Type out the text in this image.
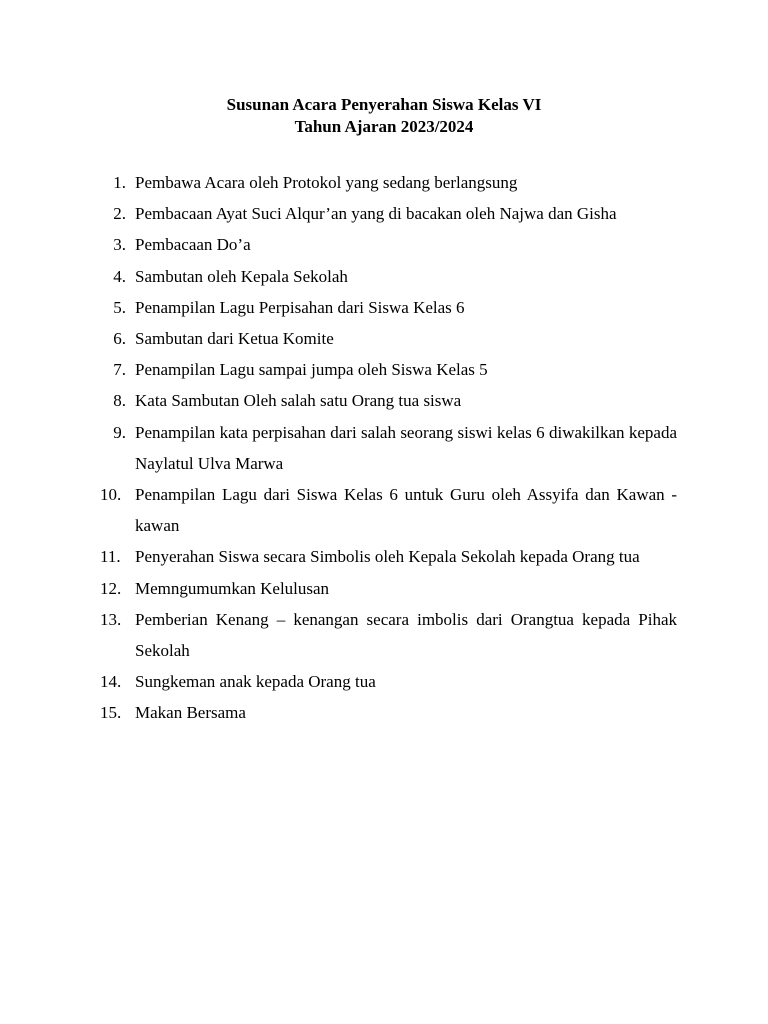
Susunan Acara Penyerahan Siswa Kelas VI
Tahun Ajaran 2023/2024
1. Pembawa Acara oleh Protokol yang sedang berlangsung
2. Pembacaan Ayat Suci Alqur’an yang di bacakan oleh Najwa dan Gisha
3. Pembacaan Do’a
4. Sambutan oleh Kepala Sekolah
5. Penampilan Lagu Perpisahan dari Siswa Kelas 6
6. Sambutan dari Ketua Komite
7. Penampilan Lagu sampai jumpa oleh Siswa Kelas 5
8. Kata Sambutan Oleh salah satu Orang tua siswa
9. Penampilan kata perpisahan dari salah seorang siswi kelas 6 diwakilkan kepada Naylatul Ulva Marwa
10. Penampilan Lagu dari Siswa Kelas 6 untuk Guru oleh Assyifa dan Kawan - kawan
11. Penyerahan Siswa secara Simbolis oleh Kepala Sekolah kepada Orang tua
12. Memngumumkan Kelulusan
13. Pemberian Kenang – kenangan secara imbolis dari Orangtua kepada Pihak Sekolah
14. Sungkeman anak kepada Orang tua
15. Makan Bersama
